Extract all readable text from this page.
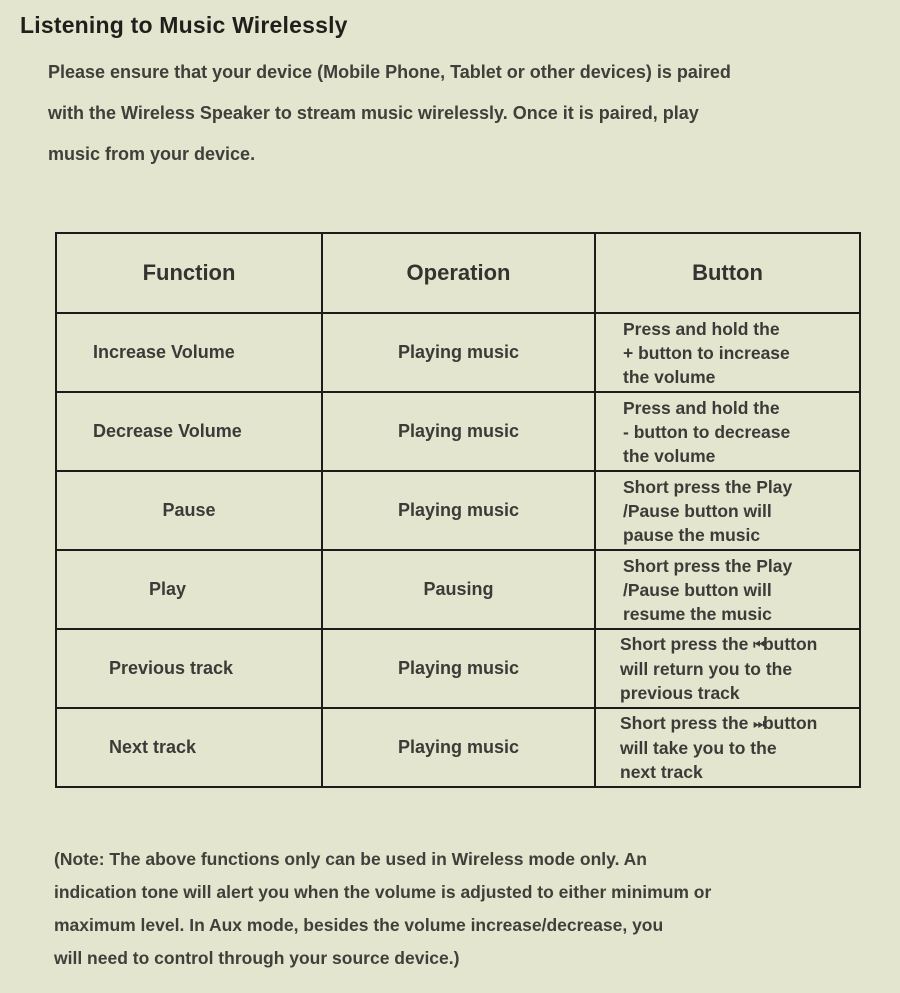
Listening to Music Wirelessly
Please ensure that your device (Mobile Phone, Tablet or other devices) is paired
with the Wireless Speaker to stream music wirelessly. Once it is paired, play
music from your device.
Function	Operation	Button
Increase Volume	Playing music	Press and hold the
+ button to increase
the volume

Decrease Volume	Playing music	Press and hold the
- button to decrease
the volume

Pause	Playing music	Short press the Play
/Pause button will
pause the music

Play	Pausing	Short press the Play
/Pause button will
resume the music

Previous track	Playing music	Short press the ⏮button
will return you to the
previous track

Next track	Playing music	Short press the ⏭button
will take you to the
next track
(Note: The above functions only can be used in Wireless mode only. An
indication tone will alert you when the volume is adjusted to either minimum or
maximum level. In Aux mode, besides the volume increase/decrease, you
will need to control through your source device.)
